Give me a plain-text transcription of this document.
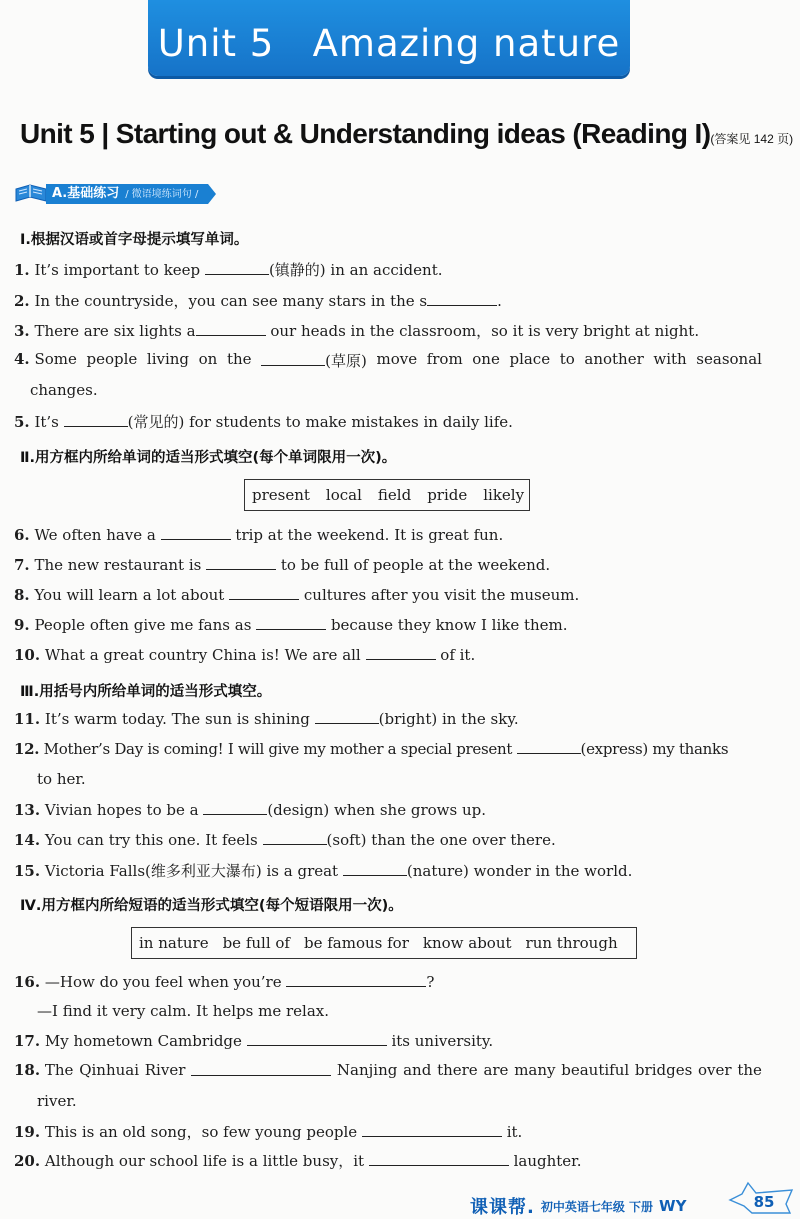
Unit 5   Amazing nature
Unit 5 | Starting out & Understanding ideas (Reading I)(答案见 142 页)
A.基础练习 / 微语境练词句 /
Ⅰ.根据汉语或首字母提示填写单词。
1. It’s important to keep	(镇静的) in an accident.
2. In the countryside，you can see many stars in the s	.
3. There are six lights a	our heads in the classroom，so it is very bright at night.
4. Some people living on the	(草原) move from one place to another with seasonal
changes.
5. It’s	(常见的) for students to make mistakes in daily life.
Ⅱ.用方框内所给单词的适当形式填空(每个单词限用一次)。
present local field pride likely
6. We often have a	trip at the weekend. It is great fun.
7. The new restaurant is	to be full of people at the weekend.
8. You will learn a lot about	cultures after you visit the museum.
9. People often give me fans as	because they know I like them.
10. What a great country China is! We are all	of it.
Ⅲ.用括号内所给单词的适当形式填空。
11. It’s warm today. The sun is shining	(bright) in the sky.
12. Mother’s Day is coming! I will give my mother a special present	(express) my thanks
to her.
13. Vivian hopes to be a	(design) when she grows up.
14. You can try this one. It feels	(soft) than the one over there.
15. Victoria Falls(维多利亚大瀑布) is a great	(nature) wonder in the world.
Ⅳ.用方框内所给短语的适当形式填空(每个短语限用一次)。
in nature be full of be famous for know about run through
16. —How do you feel when you’re	?
—I find it very calm. It helps me relax.
17. My hometown Cambridge	its university.
18. The Qinhuai River	Nanjing and there are many beautiful bridges over the
river.
19. This is an old song，so few young people	it.
20. Although our school life is a little busy，it	laughter.
课课帮. 初中英语七年级 下册 WY	85
